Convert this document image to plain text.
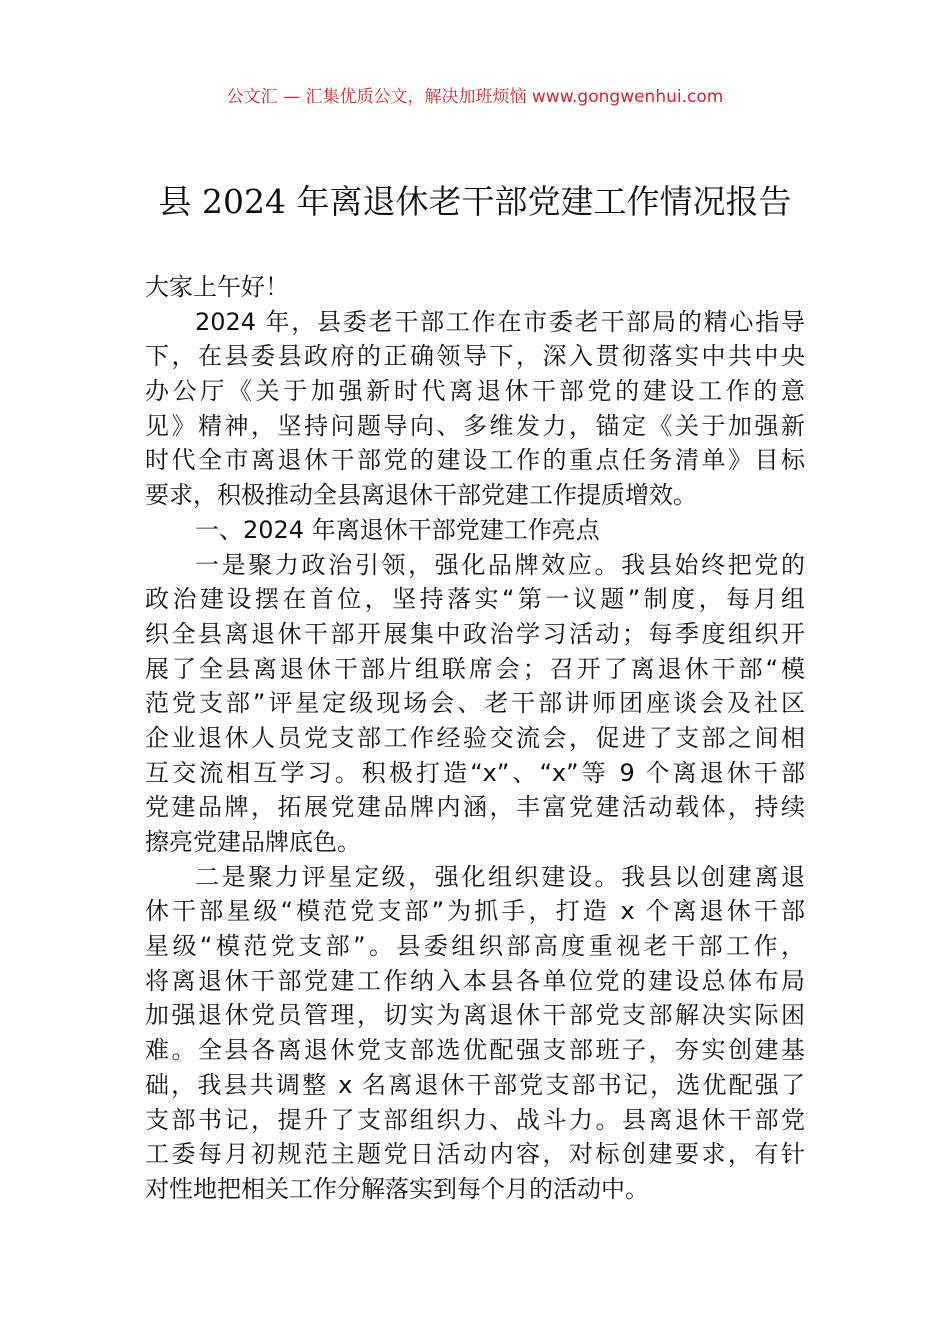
公文汇 — 汇集优质公文，解决加班烦恼 www.gongwenhui.com
县 2024 年离退休老干部党建工作情况报告
大家上午好！
2024 年，县委老干部工作在市委老干部局的精心指导
下，在县委县政府的正确领导下，深入贯彻落实中共中央
办公厅《关于加强新时代离退休干部党的建设工作的意
见》精神，坚持问题导向、多维发力，锚定《关于加强新
时代全市离退休干部党的建设工作的重点任务清单》目标
要求，积极推动全县离退休干部党建工作提质增效。
一、2024 年离退休干部党建工作亮点
一是聚力政治引领，强化品牌效应。我县始终把党的
政治建设摆在首位，坚持落实“第一议题”制度，每月组
织全县离退休干部开展集中政治学习活动；每季度组织开
展了全县离退休干部片组联席会；召开了离退休干部“模
范党支部”评星定级现场会、老干部讲师团座谈会及社区
企业退休人员党支部工作经验交流会，促进了支部之间相
互交流相互学习。积极打造“x”、“x”等 9 个离退休干部
党建品牌，拓展党建品牌内涵，丰富党建活动载体，持续
擦亮党建品牌底色。
二是聚力评星定级，强化组织建设。我县以创建离退
休干部星级“模范党支部”为抓手，打造 x 个离退休干部
星级“模范党支部”。县委组织部高度重视老干部工作，
将离退休干部党建工作纳入本县各单位党的建设总体布局
加强退休党员管理，切实为离退休干部党支部解决实际困
难。全县各离退休党支部选优配强支部班子，夯实创建基
础，我县共调整 x 名离退休干部党支部书记，选优配强了
支部书记，提升了支部组织力、战斗力。县离退休干部党
工委每月初规范主题党日活动内容，对标创建要求，有针
对性地把相关工作分解落实到每个月的活动中。
